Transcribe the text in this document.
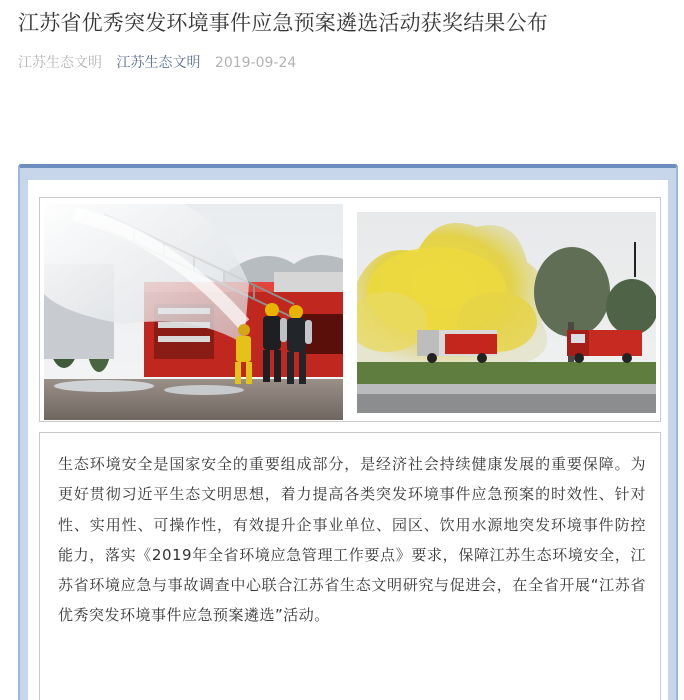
江苏省优秀突发环境事件应急预案遴选活动获奖结果公布
江苏生态文明 江苏生态文明 2019-09-24

生态环境安全是国家安全的重要组成部分，是经济社会持续健康发展的重要保障。为更好贯彻习近平生态文明思想，着力提高各类突发环境事件应急预案的时效性、针对性、实用性、可操作性，有效提升企事业单位、园区、饮用水源地突发环境事件防控能力，落实《2019年全省环境应急管理工作要点》要求，保障江苏生态环境安全，江苏省环境应急与事故调查中心联合江苏省生态文明研究与促进会，在全省开展“江苏省优秀突发环境事件应急预案遴选”活动。
